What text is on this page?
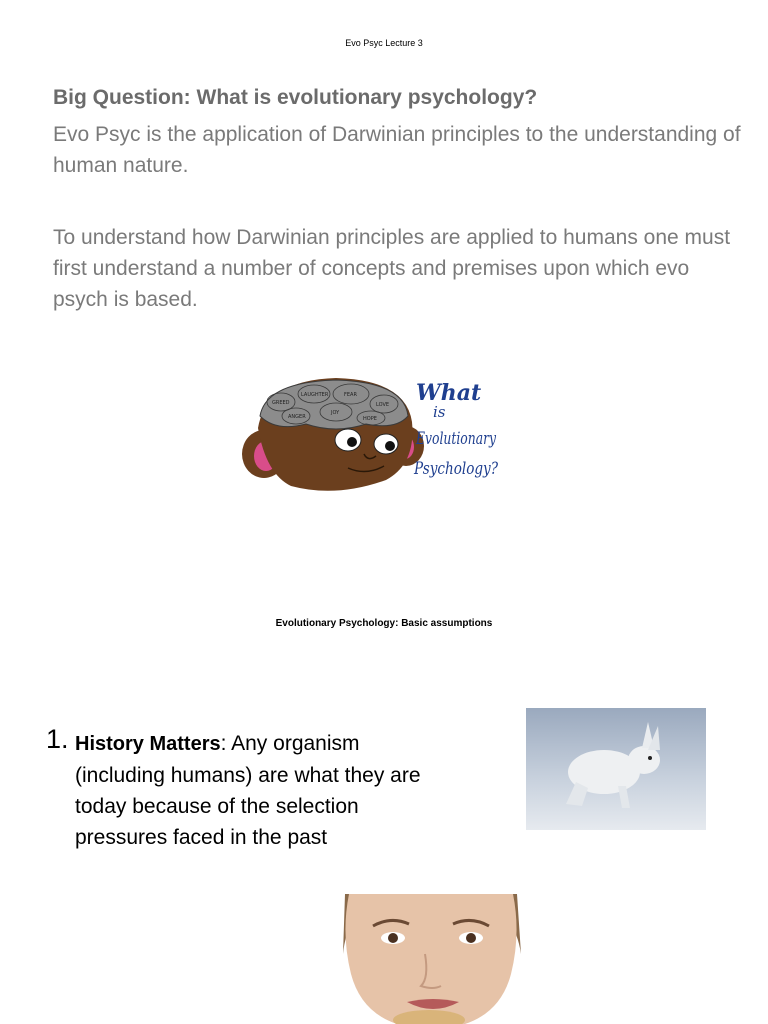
Evo Psyc Lecture 3
Big Question: What is evolutionary psychology?
Evo Psyc is the application of Darwinian principles to the understanding of human nature.
To understand how Darwinian principles are applied to humans one must first understand a number of concepts and premises upon which evo psych is based.
GREED
LAUGHTER	FEAR
LOVE
ANGER
JOY
HOPE
What
is
Evolutionary
Psychology?
Evolutionary Psychology: Basic assumptions
1. History Matters: Any organism (including humans) are what they are today because of the selection pressures faced in the past
